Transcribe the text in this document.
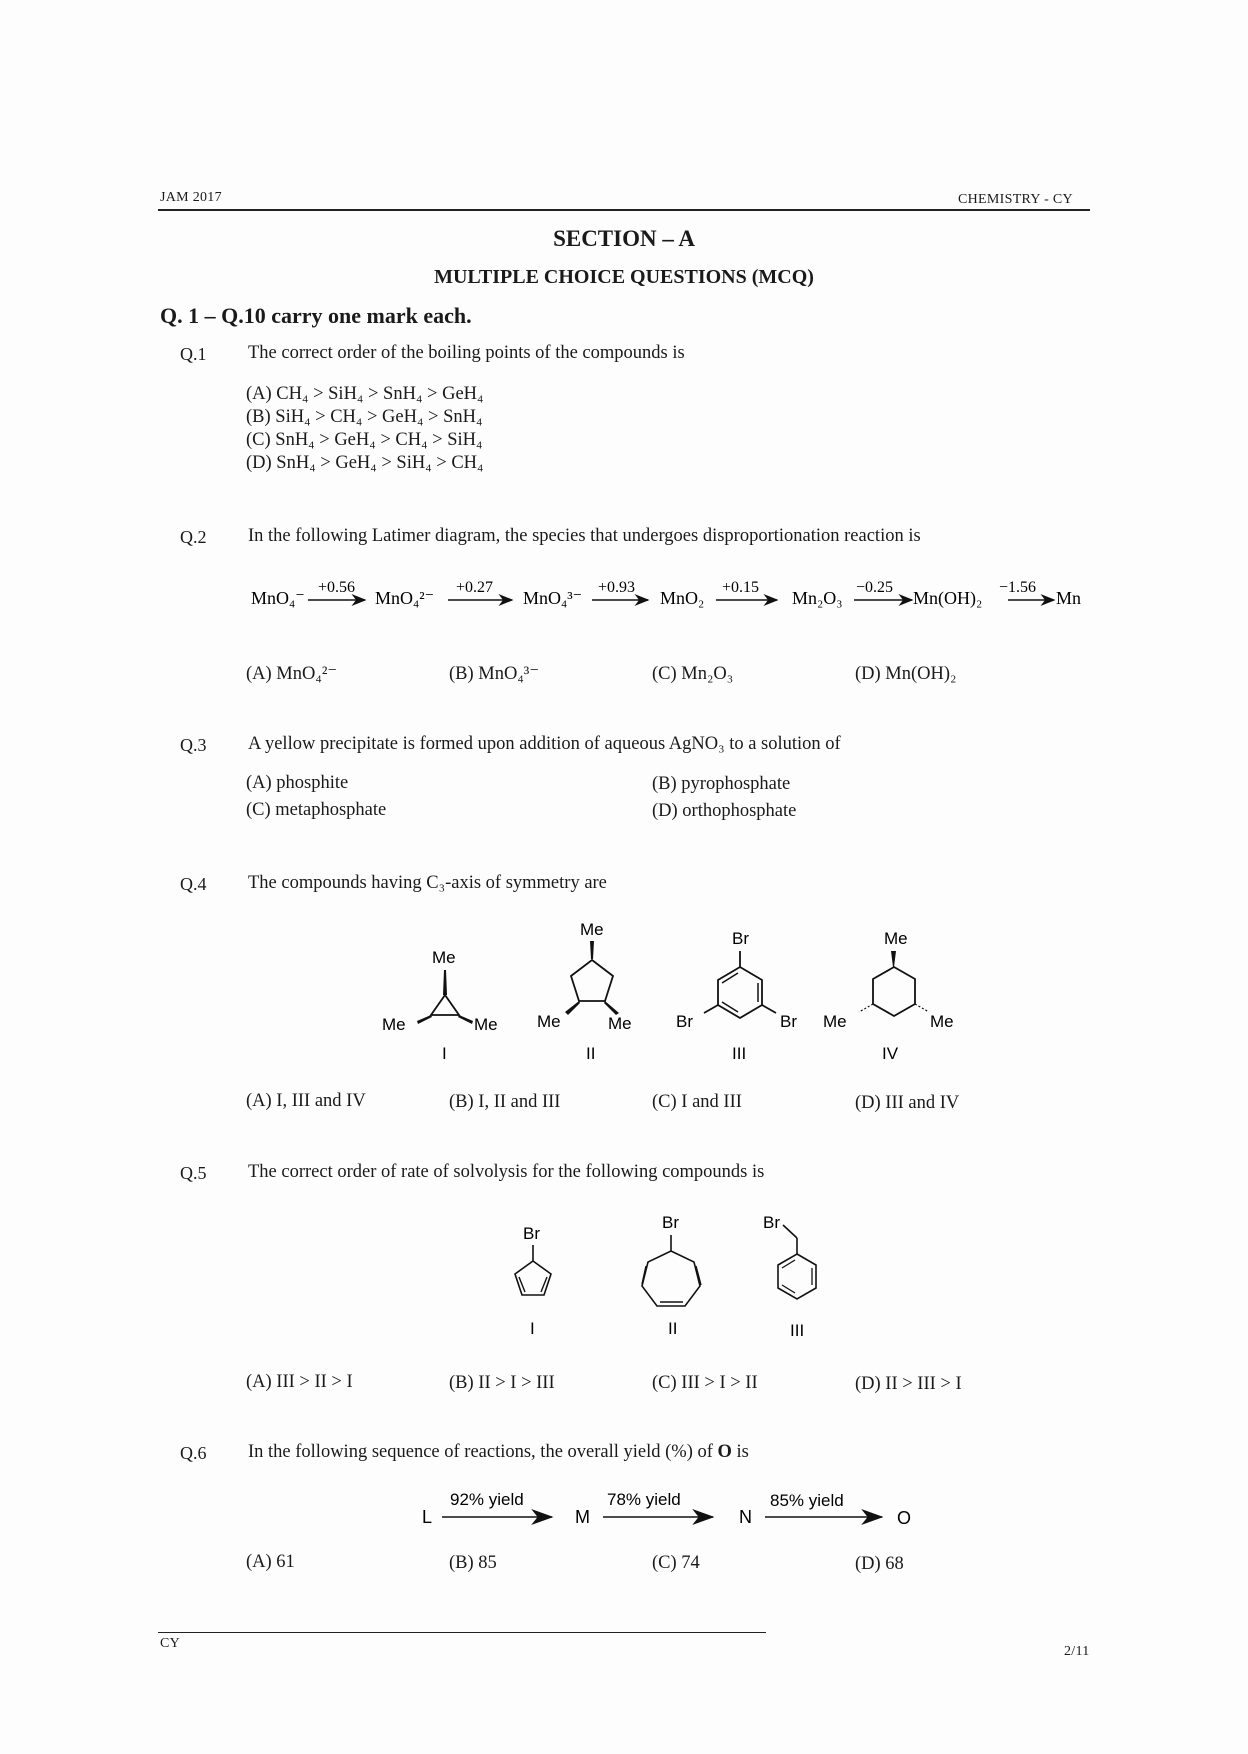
JAM 2017	CHEMISTRY - CY
SECTION – A
MULTIPLE CHOICE QUESTIONS (MCQ)
Q. 1 – Q.10 carry one mark each.
Q.1 The correct order of the boiling points of the compounds is
(A) CH₄ > SiH₄ > SnH₄ > GeH₄
(B) SiH₄ > CH₄ > GeH₄ > SnH₄
(C) SnH₄ > GeH₄ > CH₄ > SiH₄
(D) SnH₄ > GeH₄ > SiH₄ > CH₄
Q.2 In the following Latimer diagram, the species that undergoes disproportionation reaction is
MnO₄⁻
+0.56
MnO₄²⁻
+0.27
MnO₄³⁻
+0.93
MnO₂
+0.15
Mn₂O₃
−0.25
Mn(OH)₂
−1.56
Mn
(A) MnO₄²⁻	(B) MnO₄³⁻	(C) Mn₂O₃	(D) Mn(OH)₂
Q.3 A yellow precipitate is formed upon addition of aqueous AgNO₃ to a solution of
(A) phosphite	(B) pyrophosphate
(C) metaphosphate	(D) orthophosphate
Q.4 The compounds having C₃-axis of symmetry are
Me
Me	Me
I
Me
Me	Me
II
Br
Br	Br
III
Me
Me	Me
IV
(A) I, III and IV	(B) I, II and III	(C) I and III	(D) III and IV
Q.5 The correct order of rate of solvolysis for the following compounds is
Br
I
Br
II
Br
III
(A) III > II > I	(B) II > I > III	(C) III > I > II	(D) II > III > I
Q.6 In the following sequence of reactions, the overall yield (%) of O is
L
92% yield
M
78% yield
N
85% yield
O
(A) 61	(B) 85	(C) 74	(D) 68
CY
2/11
